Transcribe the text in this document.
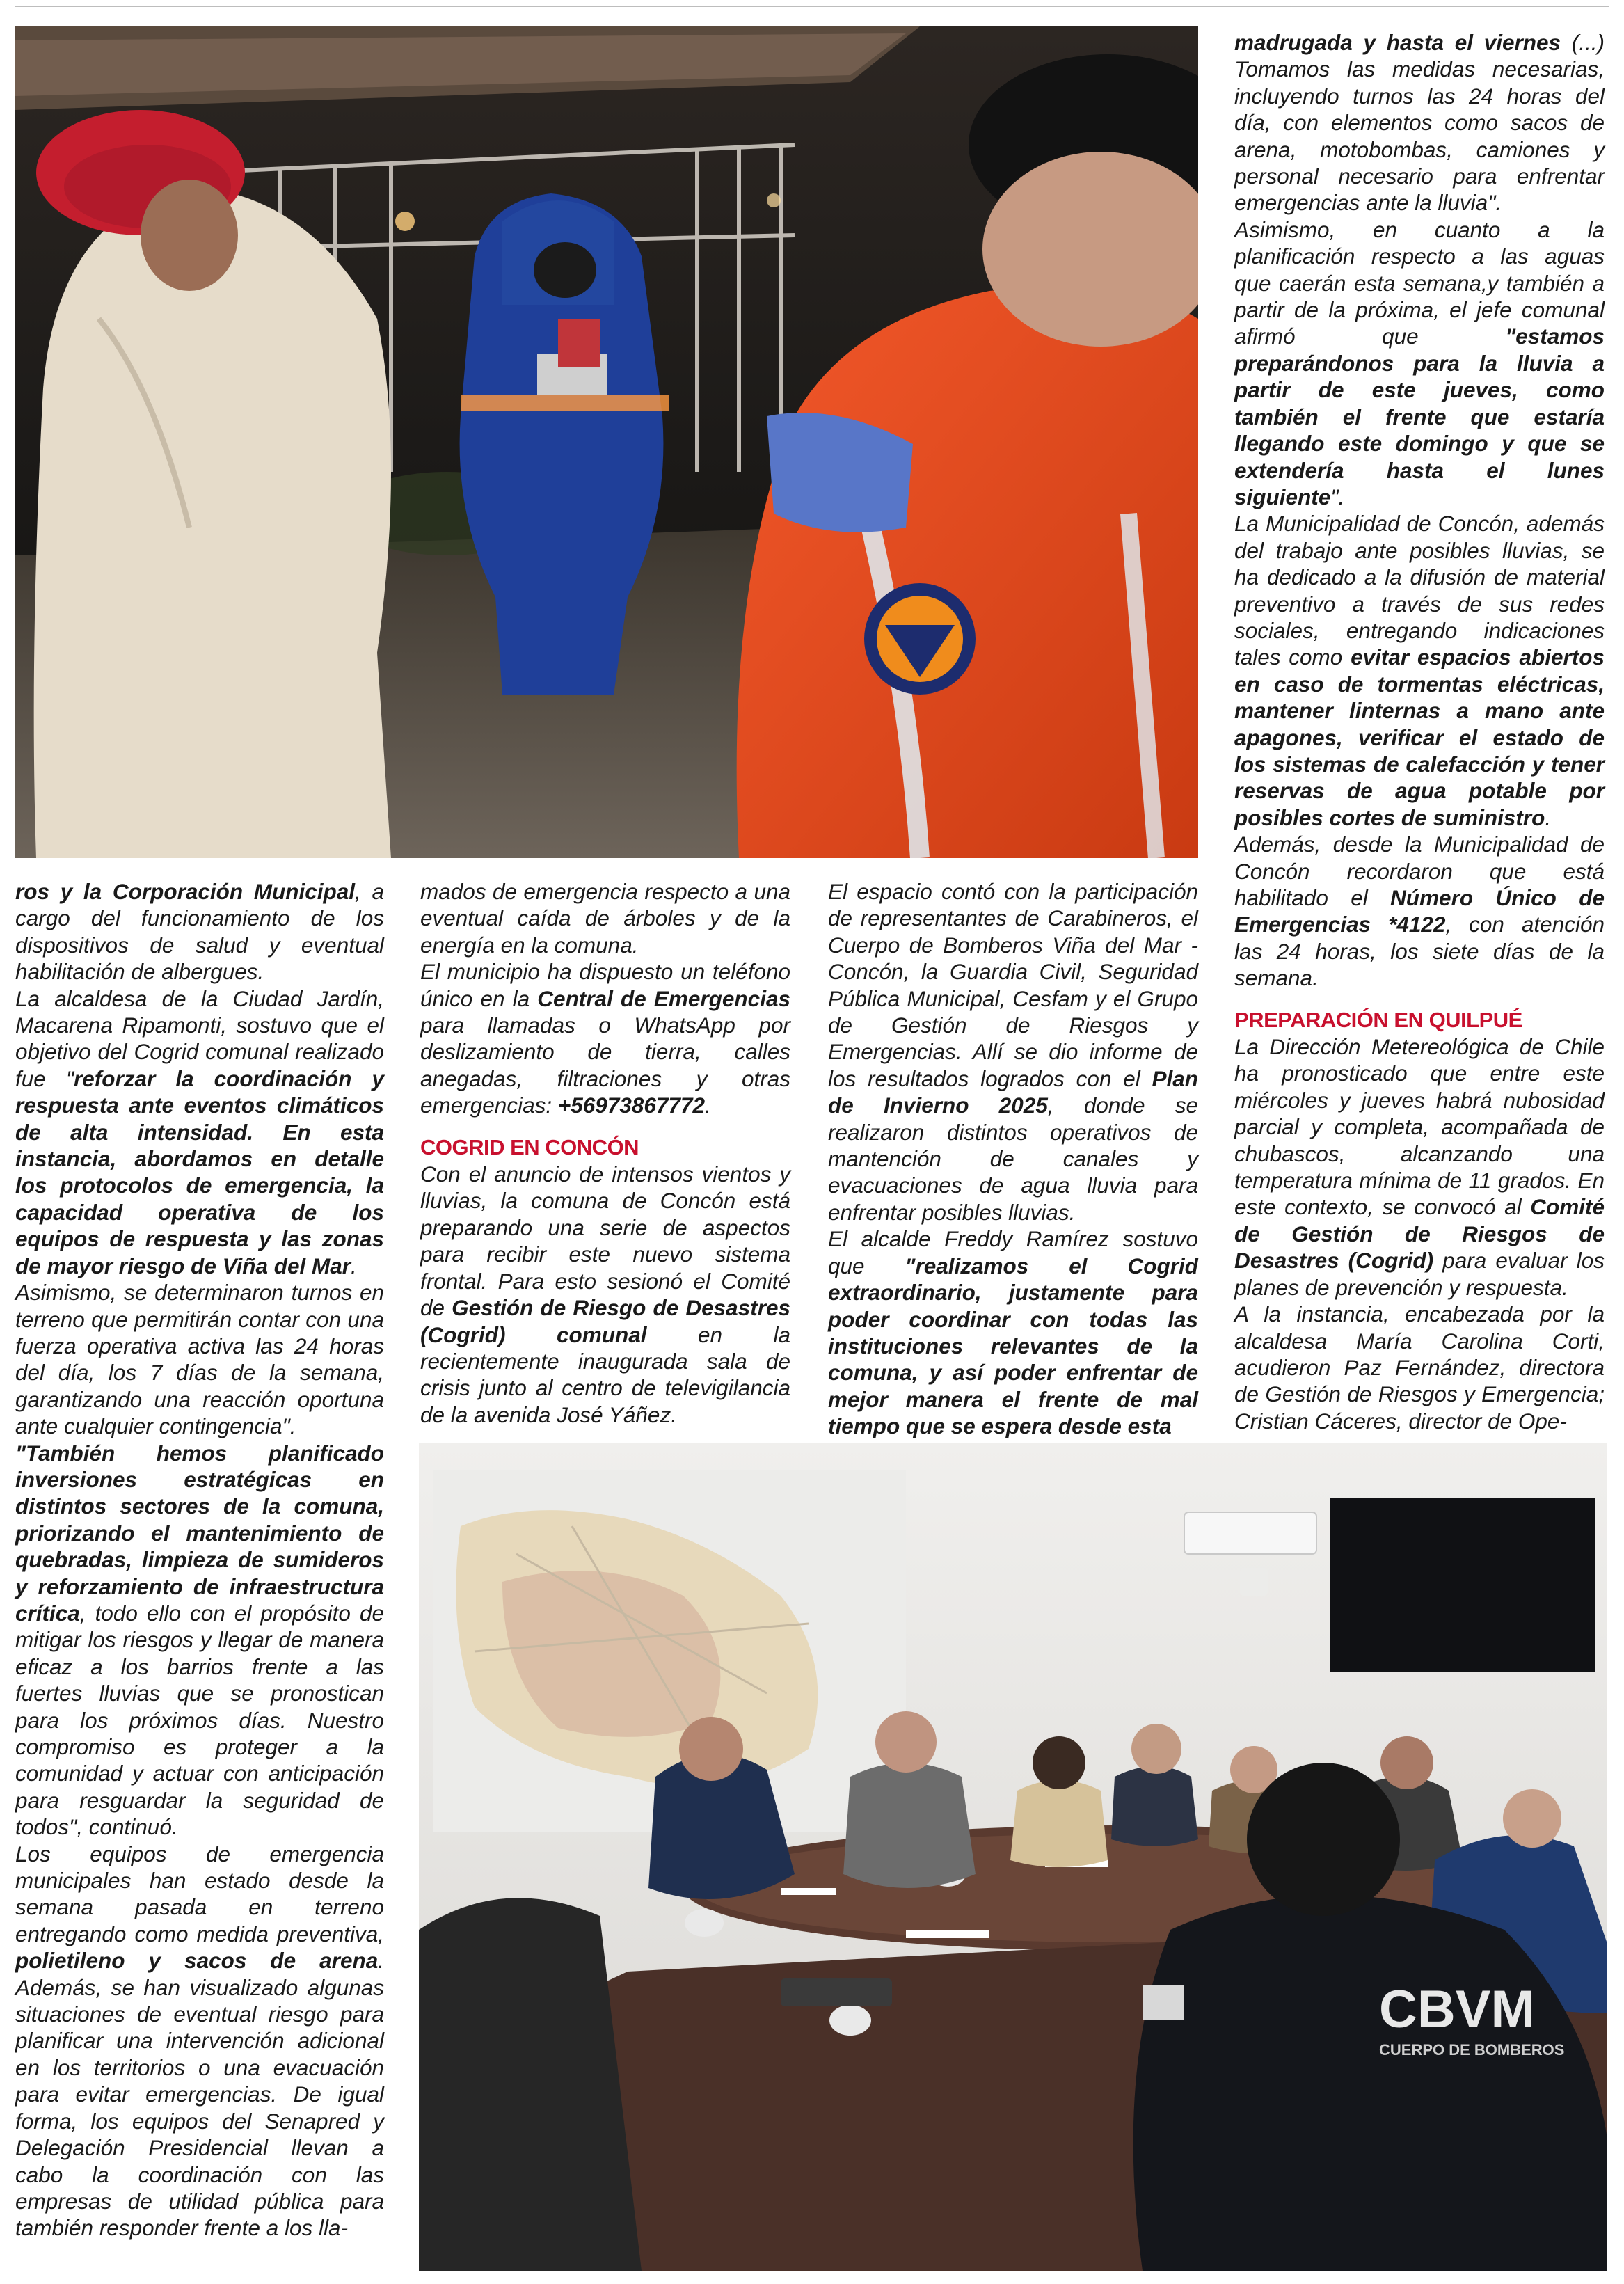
CBVM
CUERPO DE BOMBEROS

ros y la Corporación Municipal, a cargo del funcionamiento de los dispositivos de salud y eventual habilitación de albergues.

La alcaldesa de la Ciudad Jardín, Macarena Ripamonti, sostuvo que el objetivo del Cogrid comunal realizado fue "reforzar la coordinación y respuesta ante eventos climáticos de alta intensidad. En esta instancia, abordamos en detalle los protocolos de emergencia, la capacidad operativa de los equipos de respuesta y las zonas de mayor riesgo de Viña del Mar.

Asimismo, se determinaron turnos en terreno que permitirán contar con una fuerza operativa activa las 24 horas del día, los 7 días de la semana, garantizando una reacción oportuna ante cualquier contingencia".

"También hemos planificado inversiones estratégicas en distintos sectores de la comuna, priorizando el mantenimiento de quebradas, limpieza de sumideros y reforzamiento de infraestructura crítica, todo ello con el propósito de mitigar los riesgos y llegar de manera eficaz a los barrios frente a las fuertes lluvias que se pronostican para los próximos días. Nuestro compromiso es proteger a la comunidad y actuar con anticipación para resguardar la seguridad de todos", continuó.

Los equipos de emergencia municipales han estado desde la semana pasada en terreno entregando como medida preventiva, polietileno y sacos de arena. Además, se han visualizado algunas situaciones de eventual riesgo para planificar una intervención adicional en los territorios o una evacuación para evitar emergencias. De igual forma, los equipos del Senapred y Delegación Presidencial llevan a cabo la coordinación con las empresas de utilidad pública para también responder frente a los lla-

mados de emergencia respecto a una eventual caída de árboles y de la energía en la comuna.

El municipio ha dispuesto un teléfono único en la Central de Emergencias para llamadas o WhatsApp por deslizamiento de tierra, calles anegadas, filtraciones y otras emergencias: +56973867772.

COGRID EN CONCÓN

Con el anuncio de intensos vientos y lluvias, la comuna de Concón está preparando una serie de aspectos para recibir este nuevo sistema frontal. Para esto sesionó el Comité de Gestión de Riesgo de Desastres (Cogrid) comunal en la recientemente inaugurada sala de crisis junto al centro de televigilancia de la avenida José Yáñez.

El espacio contó con la participación de representantes de Carabineros, el Cuerpo de Bomberos Viña del Mar - Concón, la Guardia Civil, Seguridad Pública Municipal, Cesfam y el Grupo de Gestión de Riesgos y Emergencias. Allí se dio informe de los resultados logrados con el Plan de Invierno 2025, donde se realizaron distintos operativos de mantención de canales y evacuaciones de agua lluvia para enfrentar posibles lluvias.

El alcalde Freddy Ramírez sostuvo que "realizamos el Cogrid extraordinario, justamente para poder coordinar con todas las instituciones relevantes de la comuna, y así poder enfrentar de mejor manera el frente de mal tiempo que se espera desde esta

madrugada y hasta el viernes (...) Tomamos las medidas necesarias, incluyendo turnos las 24 horas del día, con elementos como sacos de arena, motobombas, camiones y personal necesario para enfrentar emergencias ante la lluvia".

Asimismo, en cuanto a la planificación respecto a las aguas que caerán esta semana,y también a partir de la próxima, el jefe comunal afirmó que "estamos preparándonos para la lluvia a partir de este jueves, como también el frente que estaría llegando este domingo y que se extendería hasta el lunes siguiente".

La Municipalidad de Concón, además del trabajo ante posibles lluvias, se ha dedicado a la difusión de material preventivo a través de sus redes sociales, entregando indicaciones tales como evitar espacios abiertos en caso de tormentas eléctricas, mantener linternas a mano ante apagones, verificar el estado de los sistemas de calefacción y tener reservas de agua potable por posibles cortes de suministro.

Además, desde la Municipalidad de Concón recordaron que está habilitado el Número Único de Emergencias *4122, con atención las 24 horas, los siete días de la semana.

PREPARACIÓN EN QUILPUÉ

La Dirección Metereológica de Chile ha pronosticado que entre este miércoles y jueves habrá nubosidad parcial y completa, acompañada de chubascos, alcanzando una temperatura mínima de 11 grados. En este contexto, se convocó al Comité de Gestión de Riesgos de Desastres (Cogrid) para evaluar los planes de prevención y respuesta.

A la instancia, encabezada por la alcaldesa María Carolina Corti, acudieron Paz Fernández, directora de Gestión de Riesgos y Emergencia; Cristian Cáceres, director de Ope-
